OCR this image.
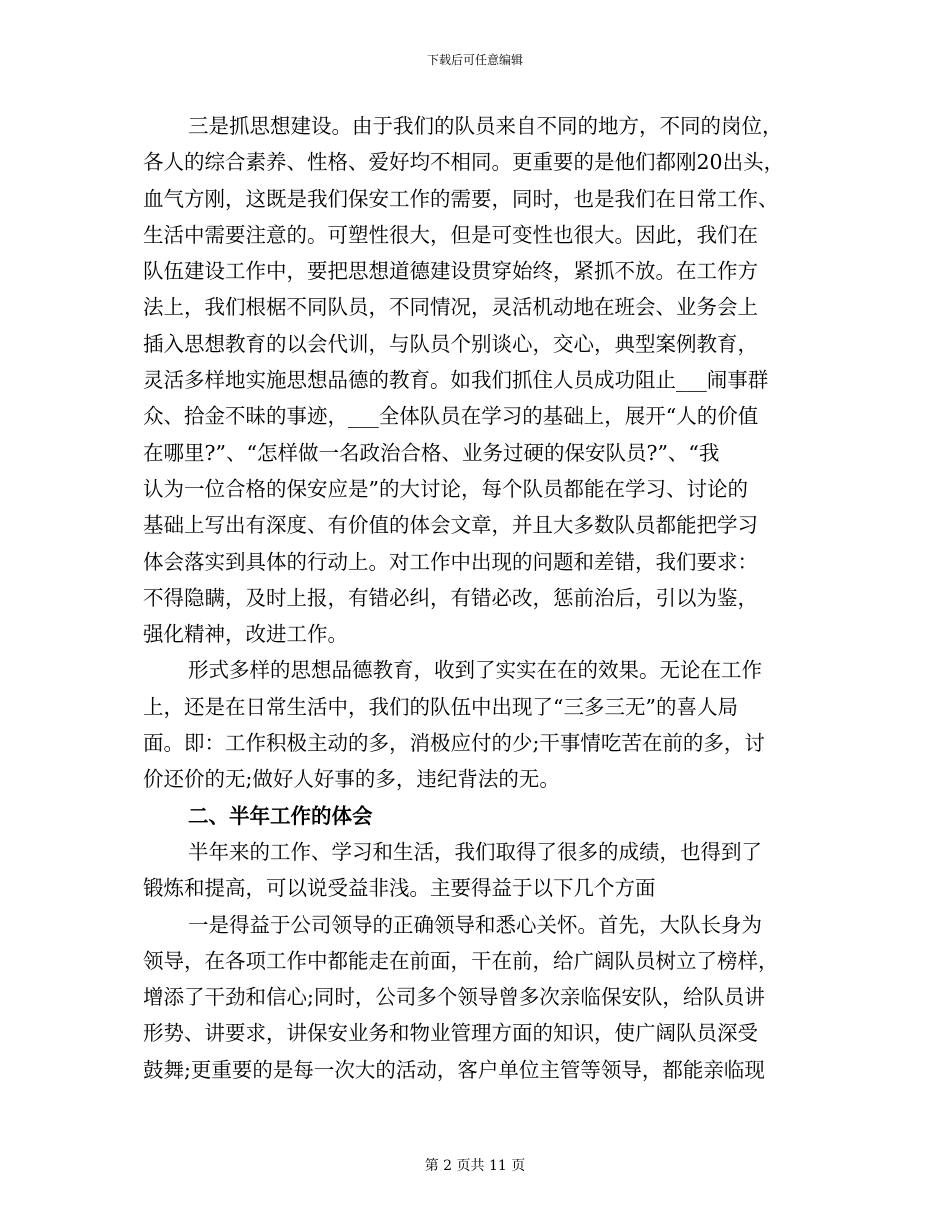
下载后可任意编辑
三是抓思想建设。由于我们的队员来自不同的地方，不同的岗位，
各人的综合素养、性格、爱好均不相同。更重要的是他们都刚20出头，
血气方刚，这既是我们保安工作的需要，同时，也是我们在日常工作、
生活中需要注意的。可塑性很大，但是可变性也很大。因此，我们在
队伍建设工作中，要把思想道德建设贯穿始终，紧抓不放。在工作方
法上，我们根椐不同队员，不同情况，灵活机动地在班会、业务会上
插入思想教育的以会代训，与队员个别谈心，交心，典型案例教育，
灵活多样地实施思想品德的教育。如我们抓住人员成功阻止___闹事群
众、拾金不昧的事迹，___全体队员在学习的基础上，展开“人的价值
在哪里?”、“怎样做一名政治合格、业务过硬的保安队员?”、“我
认为一位合格的保安应是”的大讨论，每个队员都能在学习、讨论的
基础上写出有深度、有价值的体会文章，并且大多数队员都能把学习
体会落实到具体的行动上。对工作中出现的问题和差错，我们要求：
不得隐瞒，及时上报，有错必纠，有错必改，惩前治后，引以为鉴，
强化精神，改进工作。
形式多样的思想品德教育，收到了实实在在的效果。无论在工作
上，还是在日常生活中，我们的队伍中出现了“三多三无”的喜人局
面。即：工作积极主动的多，消极应付的少;干事情吃苦在前的多，讨
价还价的无;做好人好事的多，违纪背法的无。
二、半年工作的体会
半年来的工作、学习和生活，我们取得了很多的成绩，也得到了
锻炼和提高，可以说受益非浅。主要得益于以下几个方面
一是得益于公司领导的正确领导和悉心关怀。首先，大队长身为
领导，在各项工作中都能走在前面，干在前，给广阔队员树立了榜样，
增添了干劲和信心;同时，公司多个领导曾多次亲临保安队，给队员讲
形势、讲要求，讲保安业务和物业管理方面的知识，使广阔队员深受
鼓舞;更重要的是每一次大的活动，客户单位主管等领导，都能亲临现
第 2 页共 11 页
